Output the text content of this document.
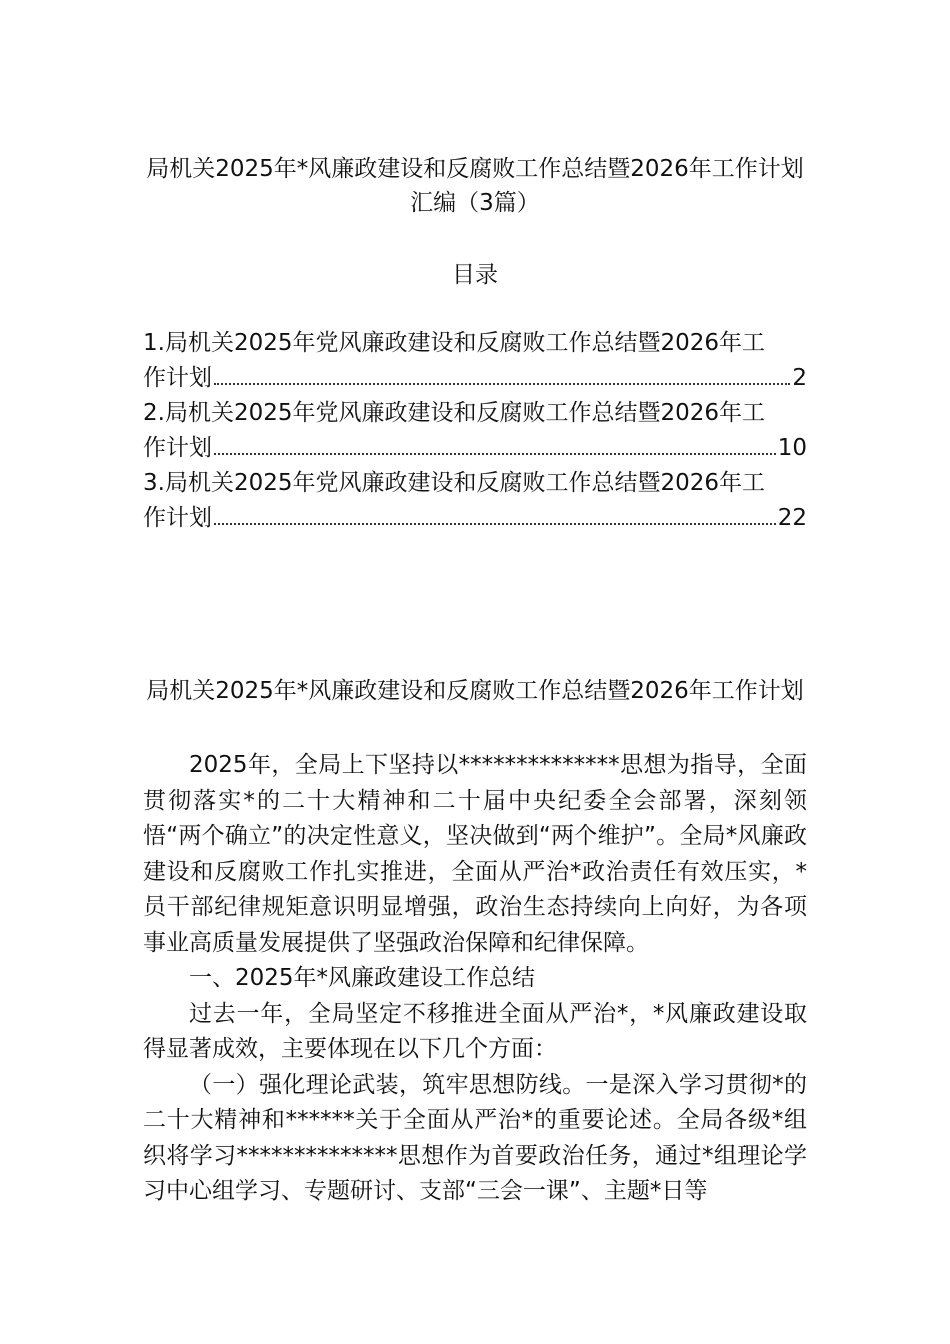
局机关2025年*风廉政建设和反腐败工作总结暨2026年工作计划汇编（3篇）
目录
1.局机关2025年党风廉政建设和反腐败工作总结暨2026年工
作计划	2
2.局机关2025年党风廉政建设和反腐败工作总结暨2026年工
作计划	10
3.局机关2025年党风廉政建设和反腐败工作总结暨2026年工
作计划	22
局机关2025年*风廉政建设和反腐败工作总结暨2026年工作计划

2025年，全局上下坚持以**************思想为指导，全面贯彻落实*的二十大精神和二十届中央纪委全会部署，深刻领悟“两个确立”的决定性意义，坚决做到“两个维护”。全局*风廉政建设和反腐败工作扎实推进，全面从严治*政治责任有效压实，*员干部纪律规矩意识明显增强，政治生态持续向上向好，为各项事业高质量发展提供了坚强政治保障和纪律保障。

一、2025年*风廉政建设工作总结

过去一年，全局坚定不移推进全面从严治*，*风廉政建设取得显著成效，主要体现在以下几个方面：

（一）强化理论武装，筑牢思想防线。一是深入学习贯彻*的二十大精神和******关于全面从严治*的重要论述。全局各级*组织将学习**************思想作为首要政治任务，通过*组理论学习中心组学习、专题研讨、支部“三会一课”、主题*日等
